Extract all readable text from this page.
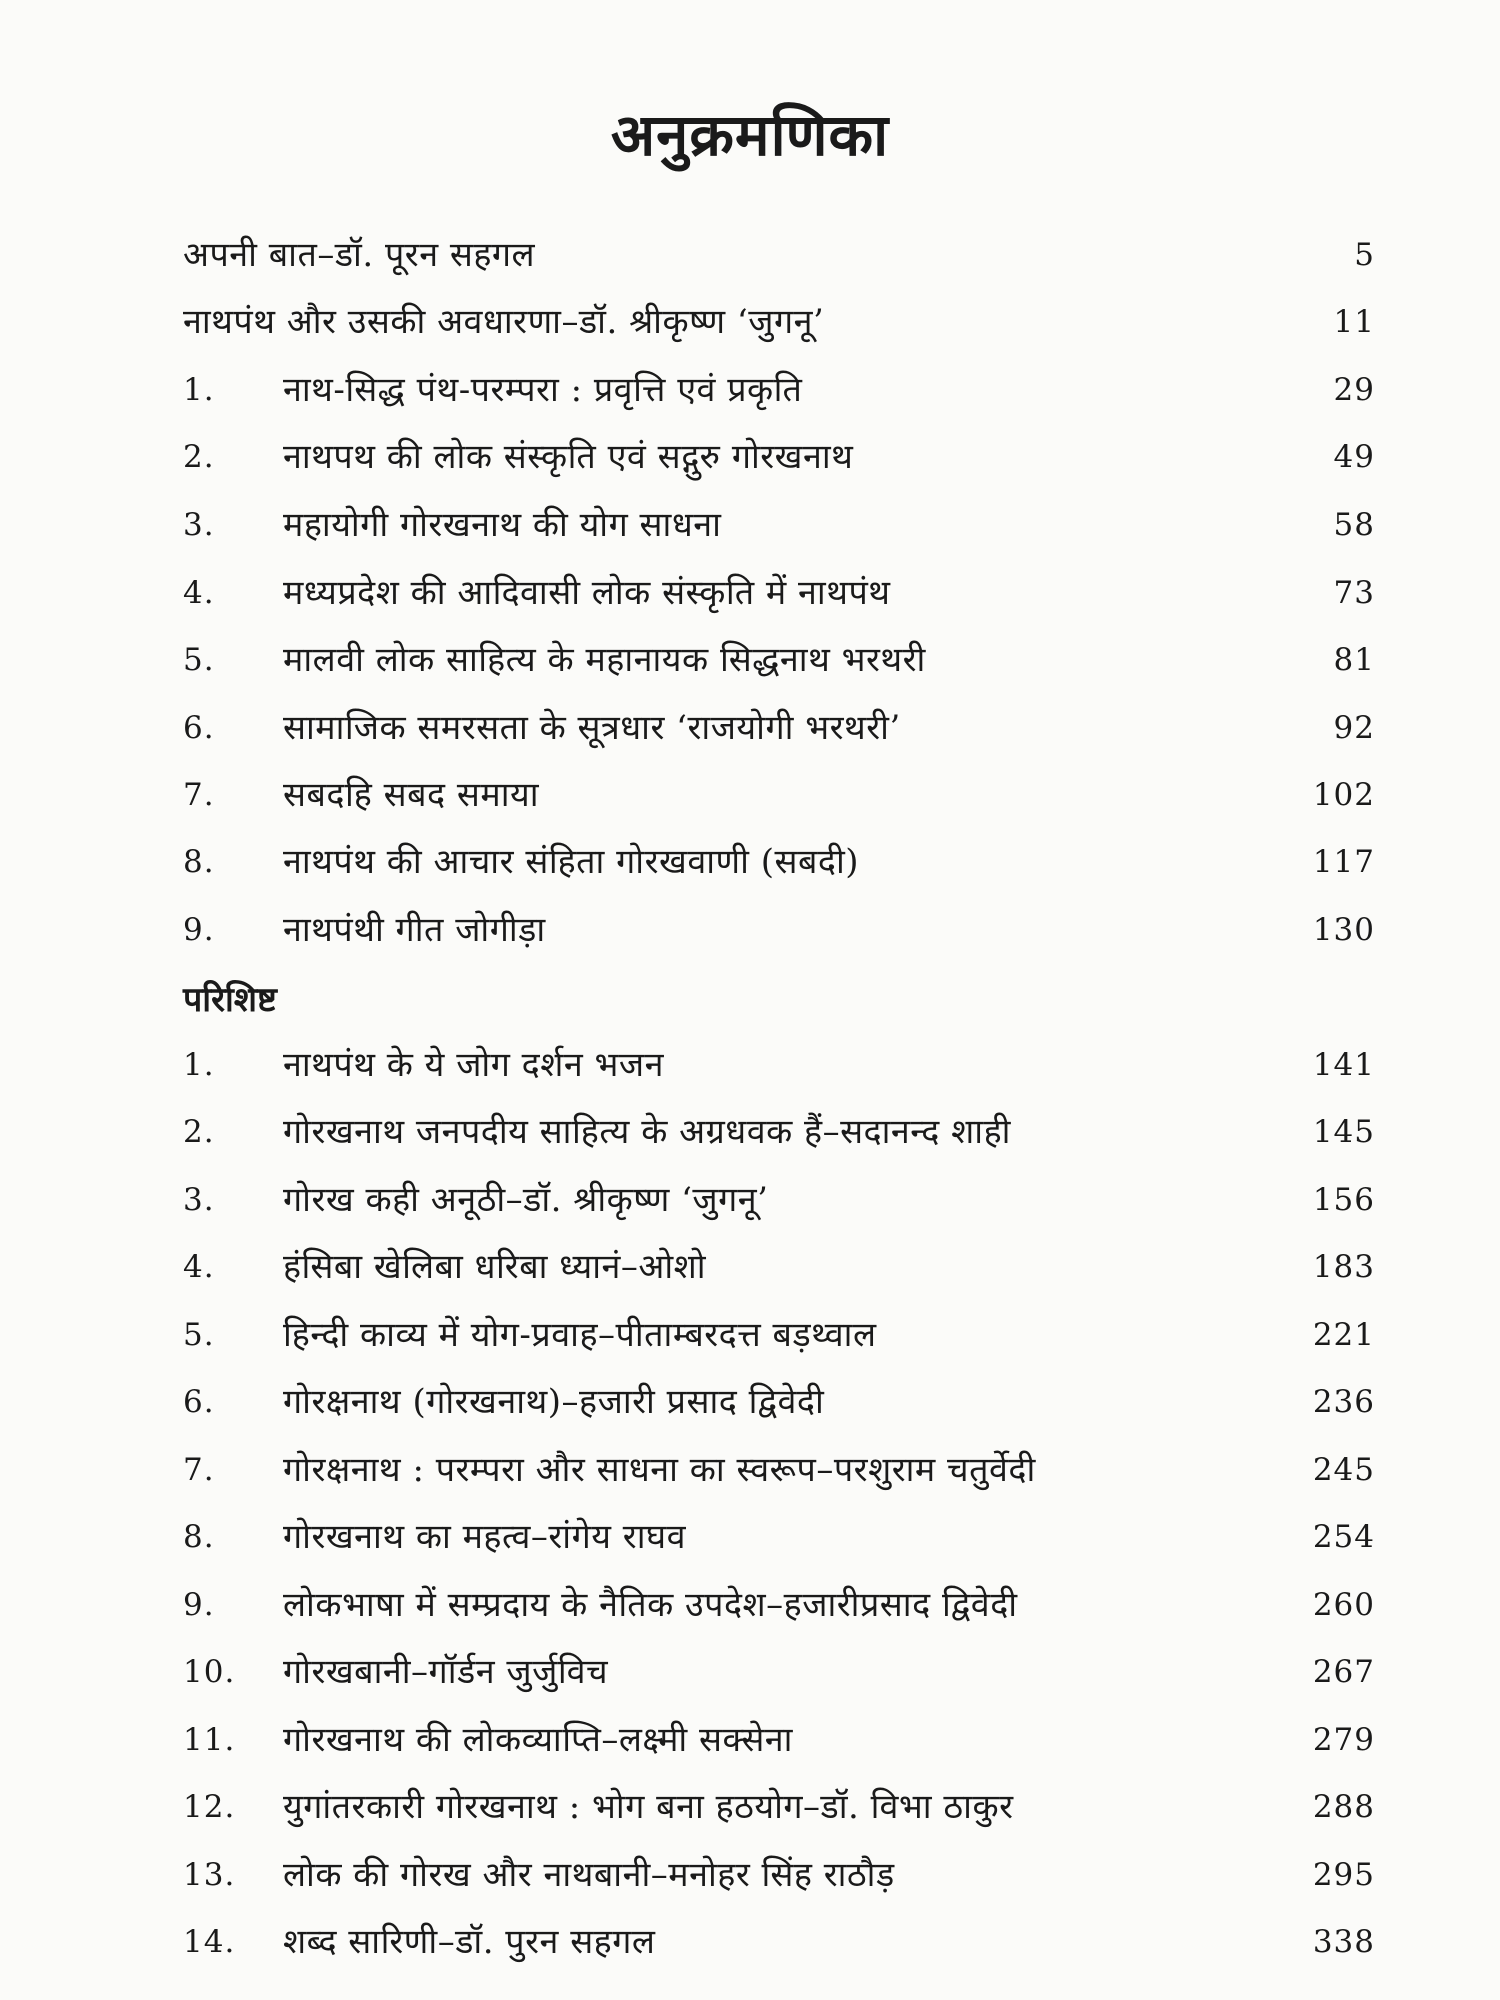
अनुक्रमणिका
अपनी बात–डॉ. पूरन सहगल	5
नाथपंथ और उसकी अवधारणा–डॉ. श्रीकृष्ण ‘जुगनू’	11
1.	नाथ-सिद्ध पंथ-परम्परा : प्रवृत्ति एवं प्रकृति	29
2.	नाथपथ की लोक संस्कृति एवं सद्गुरु गोरखनाथ	49
3.	महायोगी गोरखनाथ की योग साधना	58
4.	मध्यप्रदेश की आदिवासी लोक संस्कृति में नाथपंथ	73
5.	मालवी लोक साहित्य के महानायक सिद्धनाथ भरथरी	81
6.	सामाजिक समरसता के सूत्रधार ‘राजयोगी भरथरी’	92
7.	सबदहि सबद समाया	102
8.	नाथपंथ की आचार संहिता गोरखवाणी (सबदी)	117
9.	नाथपंथी गीत जोगीड़ा	130
परिशिष्ट
1.	नाथपंथ के ये जोग दर्शन भजन	141
2.	गोरखनाथ जनपदीय साहित्य के अग्रधवक हैं–सदानन्द शाही	145
3.	गोरख कही अनूठी–डॉ. श्रीकृष्ण ‘जुगनू’	156
4.	हंसिबा खेलिबा धरिबा ध्यानं–ओशो	183
5.	हिन्दी काव्य में योग-प्रवाह–पीताम्बरदत्त बड़थ्वाल	221
6.	गोरक्षनाथ (गोरखनाथ)–हजारी प्रसाद द्विवेदी	236
7.	गोरक्षनाथ : परम्परा और साधना का स्वरूप–परशुराम चतुर्वेदी	245
8.	गोरखनाथ का महत्व–रांगेय राघव	254
9.	लोकभाषा में सम्प्रदाय के नैतिक उपदेश–हजारीप्रसाद द्विवेदी	260
10.	गोरखबानी–गॉर्डन जुर्जुविच	267
11.	गोरखनाथ की लोकव्याप्ति–लक्ष्मी सक्सेना	279
12.	युगांतरकारी गोरखनाथ : भोग बना हठयोग–डॉ. विभा ठाकुर	288
13.	लोक की गोरख और नाथबानी–मनोहर सिंह राठौड़	295
14.	शब्द सारिणी–डॉ. पुरन सहगल	338
